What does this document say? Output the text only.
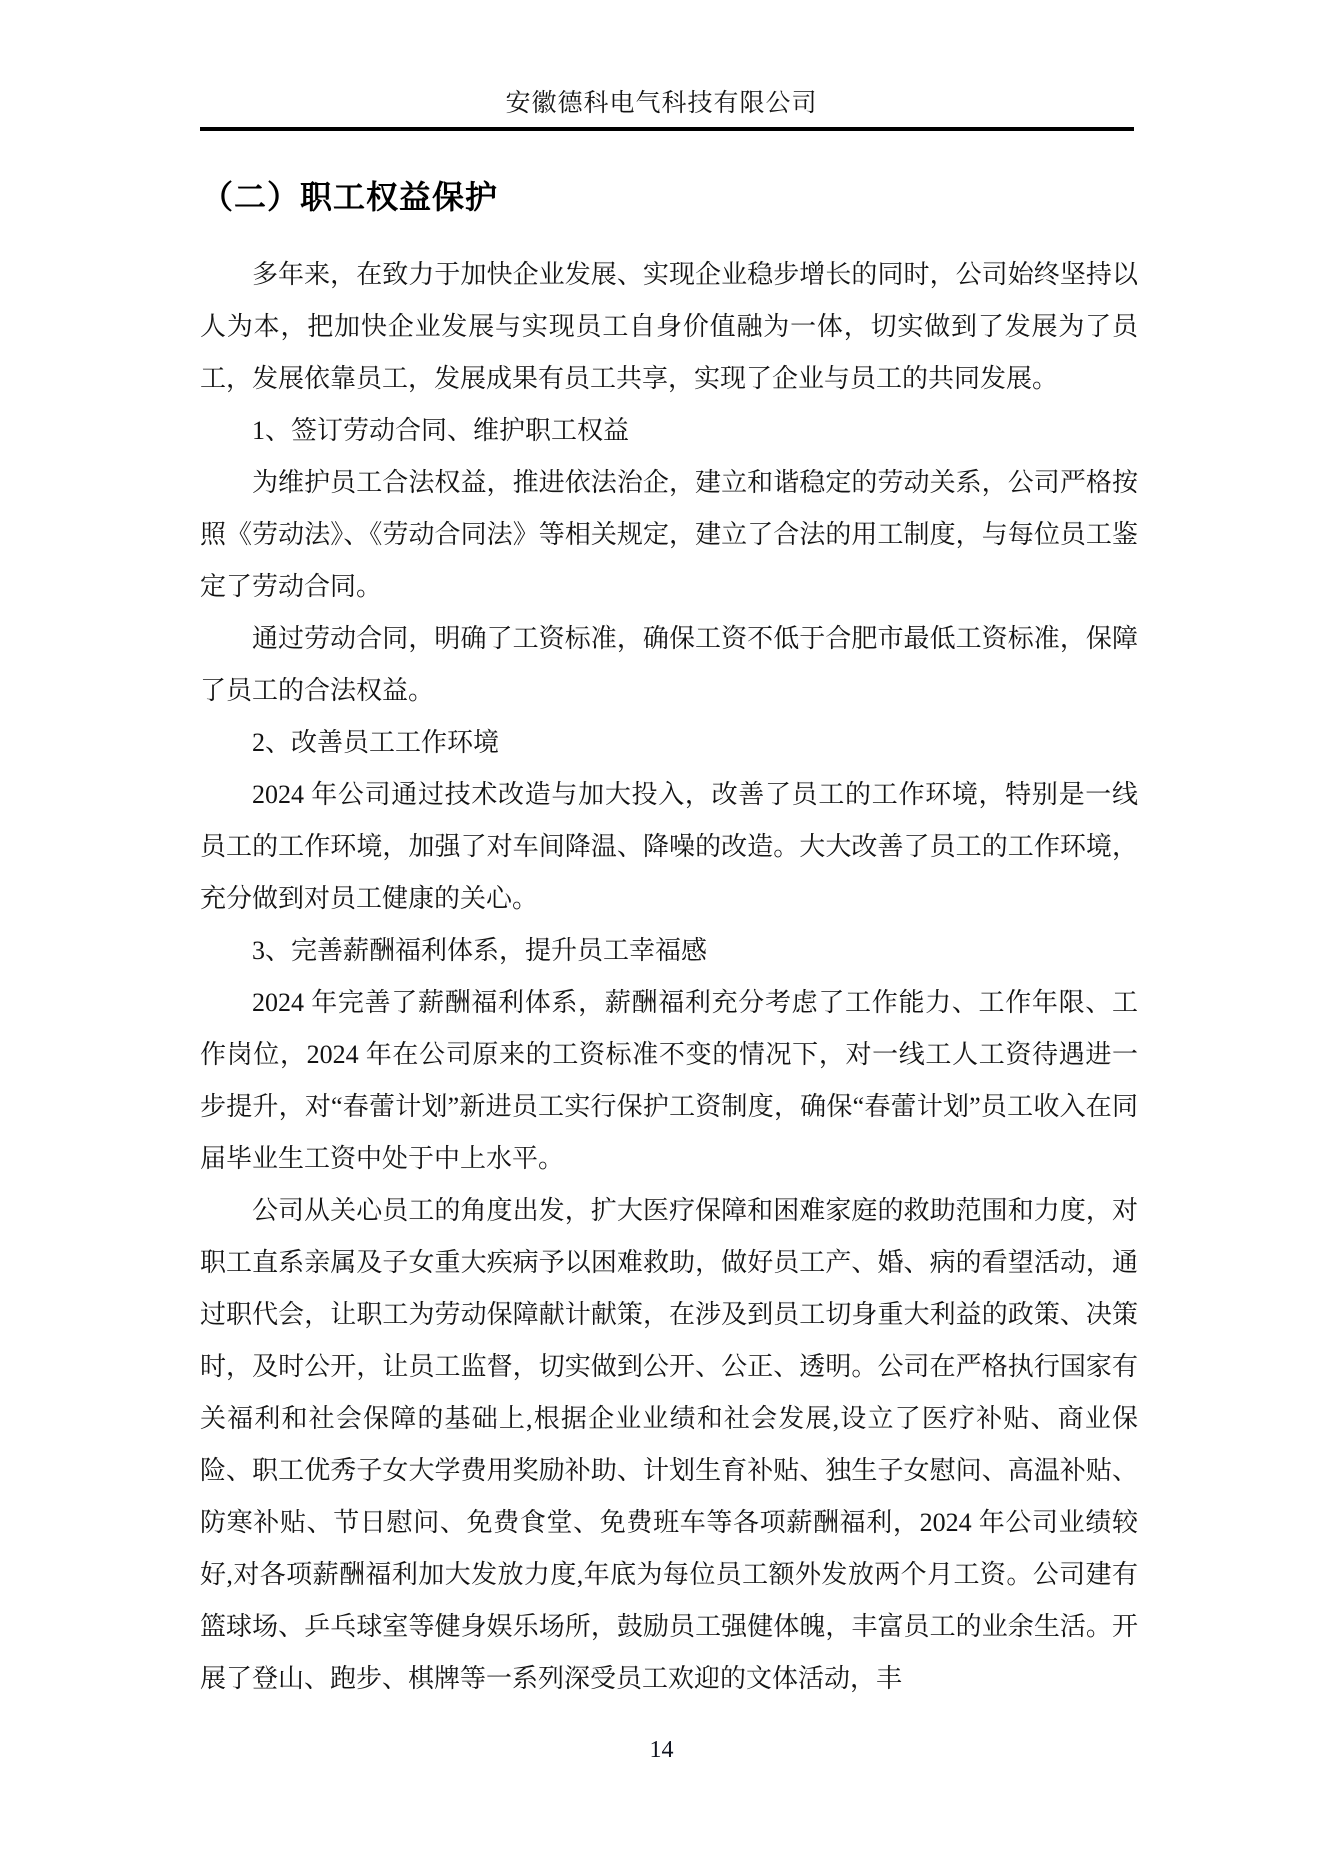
安徽德科电气科技有限公司
（二）职工权益保护

多年来，在致力于加快企业发展、实现企业稳步增长的同时，公司始终坚持以人为本，把加快企业发展与实现员工自身价值融为一体，切实做到了发展为了员工，发展依靠员工，发展成果有员工共享，实现了企业与员工的共同发展。

1、签订劳动合同、维护职工权益

为维护员工合法权益，推进依法治企，建立和谐稳定的劳动关系，公司严格按照《劳动法》、《劳动合同法》等相关规定，建立了合法的用工制度，与每位员工鉴定了劳动合同。

通过劳动合同，明确了工资标准，确保工资不低于合肥市最低工资标准，保障了员工的合法权益。

2、改善员工工作环境

2024 年公司通过技术改造与加大投入，改善了员工的工作环境，特别是一线员工的工作环境，加强了对车间降温、降噪的改造。大大改善了员工的工作环境，充分做到对员工健康的关心。

3、完善薪酬福利体系，提升员工幸福感

2024 年完善了薪酬福利体系，薪酬福利充分考虑了工作能力、工作年限、工作岗位，2024 年在公司原来的工资标准不变的情况下，对一线工人工资待遇进一步提升，对“春蕾计划”新进员工实行保护工资制度，确保“春蕾计划”员工收入在同届毕业生工资中处于中上水平。

公司从关心员工的角度出发，扩大医疗保障和困难家庭的救助范围和力度，对职工直系亲属及子女重大疾病予以困难救助，做好员工产、婚、病的看望活动，通过职代会，让职工为劳动保障献计献策，在涉及到员工切身重大利益的政策、决策时，及时公开，让员工监督，切实做到公开、公正、透明。公司在严格执行国家有关福利和社会保障的基础上,根据企业业绩和社会发展,设立了医疗补贴、商业保险、职工优秀子女大学费用奖励补助、计划生育补贴、独生子女慰问、高温补贴、防寒补贴、节日慰问、免费食堂、免费班车等各项薪酬福利，2024 年公司业绩较好,对各项薪酬福利加大发放力度,年底为每位员工额外发放两个月工资。公司建有篮球场、乒乓球室等健身娱乐场所，鼓励员工强健体魄，丰富员工的业余生活。开展了登山、跑步、棋牌等一系列深受员工欢迎的文体活动，丰

14
